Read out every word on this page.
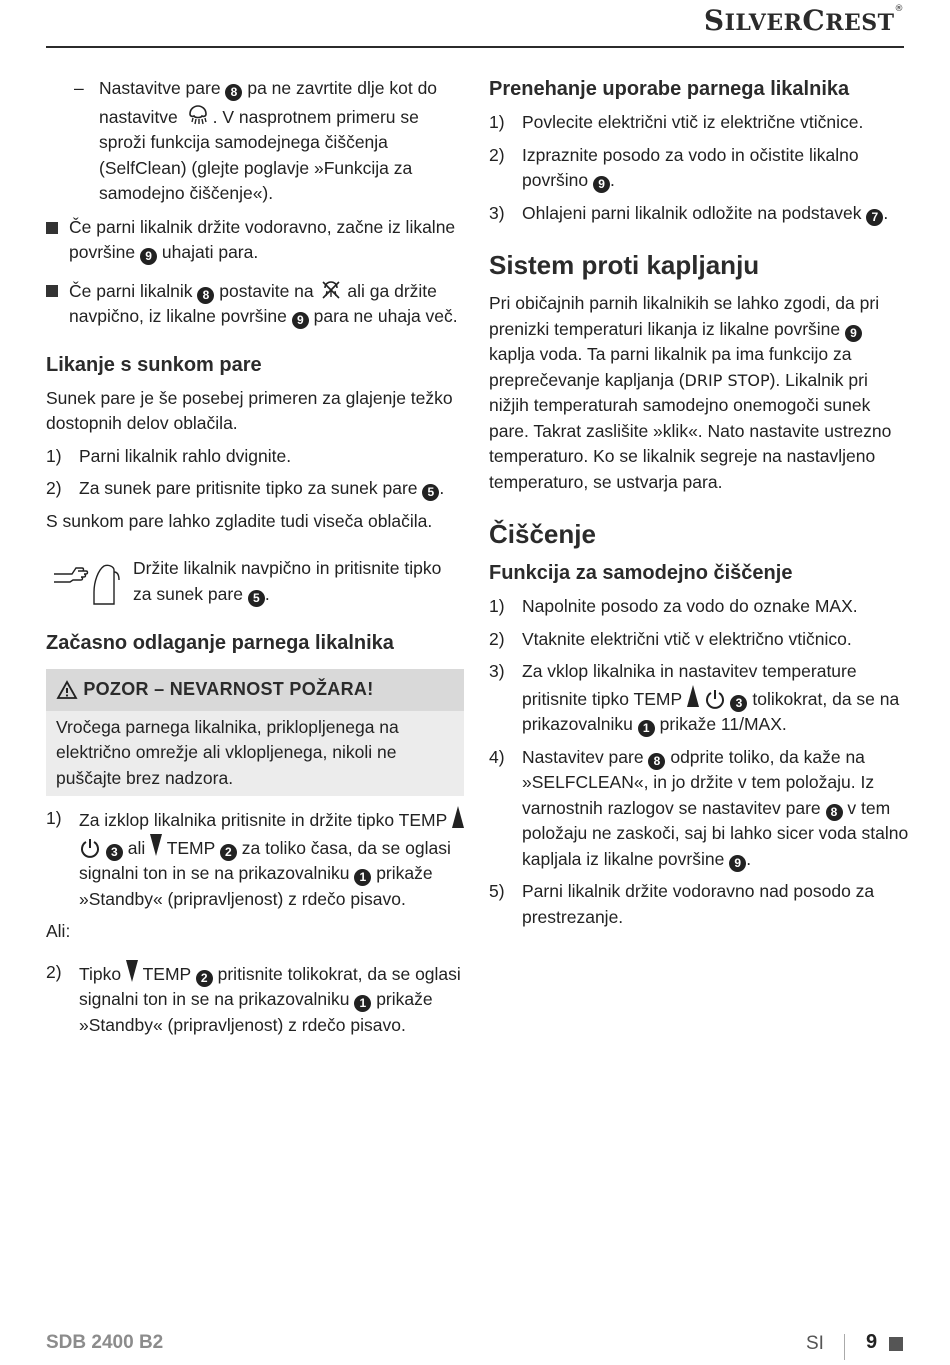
SILVERCREST®

– Nastavitve pare 8 pa ne zavrtite dlje kot do nastavitve . V nasprotnem primeru se sproži funkcija samodejnega čiščenja (SelfClean) (glejte poglavje »Funkcija za samodejno čiščenje«).

Če parni likalnik držite vodoravno, začne iz likalne površine 9 uhajati para.

Če parni likalnik 8 postavite na ali ga držite navpično, iz likalne površine 9 para ne uhaja več.

Likanje s sunkom pare

Sunek pare je še posebej primeren za glajenje težko dostopnih delov oblačila.

1) Parni likalnik rahlo dvignite.

2) Za sunek pare pritisnite tipko za sunek pare 5 .

S sunkom pare lahko zgladite tudi viseča oblačila.

Držite likalnik navpično in pritisnite tipko za sunek pare 5 .
Začasno odlaganje parnega likalnika
POZOR – NEVARNOST POŽARA!
Vročega parnega likalnika, priklopljenega na električno omrežje ali vklopljenega, nikoli ne puščajte brez nadzora.

1) Za izklop likalnika pritisnite in držite tipko TEMP   3 ali TEMP 2 za toliko časa, da se oglasi signalni ton in se na prikazovalniku 1 prikaže »Standby« (pripravljenost) z rdečo pisavo.

Ali:

2) Tipko TEMP 2 pritisnite tolikokrat, da se oglasi signalni ton in se na prikazovalniku 1 prikaže »Standby« (pripravljenost) z rdečo pisavo.

Prenehanje uporabe parnega likalnika

1) Povlecite električni vtič iz električne vtičnice.

2) Izpraznite posodo za vodo in očistite likalno površino 9 .

3) Ohlajeni parni likalnik odložite na podstavek 7 .

Sistem proti kapljanju

Pri običajnih parnih likalnikih se lahko zgodi, da pri prenizki temperaturi likanja iz likalne površine 9 kaplja voda. Ta parni likalnik pa ima funkcijo za preprečevanje kapljanja (DRIP STOP). Likalnik pri nižjih temperaturah samodejno onemogoči sunek pare. Takrat zaslišite »klik«. Nato nastavite ustrezno temperaturo. Ko se likalnik segreje na nastavljeno temperaturo, se ustvarja para.

Čiščenje
Funkcija za samodejno čiščenje

1) Napolnite posodo za vodo do oznake MAX.

2) Vtaknite električni vtič v električno vtičnico.

3) Za vklop likalnika in nastavitev temperature pritisnite tipko TEMP	3 tolikokrat, da se na prikazovalniku 1 prikaže 11/MAX.

4) Nastavitev pare 8 odprite toliko, da kaže na »SELFCLEAN«, in jo držite v tem položaju. Iz varnostnih razlogov se nastavitev pare 8 v tem položaju ne zaskoči, saj bi lahko sicer voda stalno kapljala iz likalne površine 9 .

5) Parni likalnik držite vodoravno nad posodo za prestrezanje.

SDB 2400 B2	SI 9
